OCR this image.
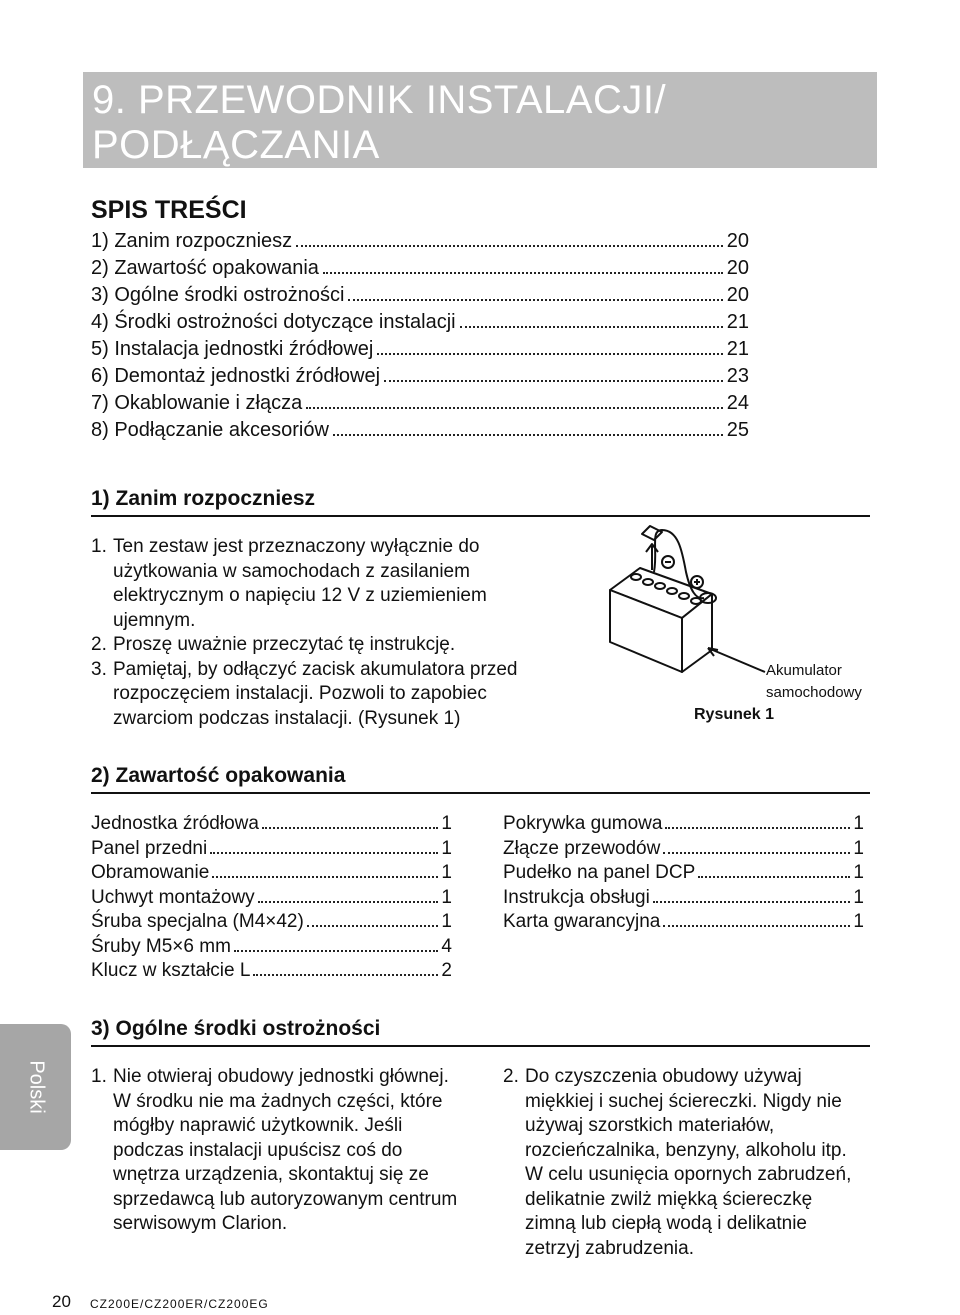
9. PRZEWODNIK INSTALACJI/ PODŁĄCZANIA
SPIS TREŚCI
1) Zanim rozpoczniesz	20
2) Zawartość opakowania	20
3) Ogólne środki ostrożności	20
4) Środki ostrożności dotyczące instalacji	21
5) Instalacja jednostki źródłowej	21
6) Demontaż jednostki źródłowej	23
7) Okablowanie i złącza	24
8) Podłączanie akcesoriów	25
1) Zanim rozpoczniesz
1. Ten zestaw jest przeznaczony wyłącznie do użytkowania w samochodach z zasilaniem elektrycznym o napięciu 12 V z uziemieniem ujemnym.
2. Proszę uważnie przeczytać tę instrukcję.
3. Pamiętaj, by odłączyć zacisk akumulatora przed rozpoczęciem instalacji. Pozwoli to zapobiec zwarciom podczas instalacji. (Rysunek 1)
Akumulator
samochodowy
Rysunek 1
2) Zawartość opakowania
Jednostka źródłowa	1
Panel przedni	1
Obramowanie	1
Uchwyt montażowy	1
Śruba specjalna (M4×42)	1
Śruby M5×6 mm	4
Klucz w kształcie L	2
Pokrywka gumowa	1
Złącze przewodów	1
Pudełko na panel DCP	1
Instrukcja obsługi	1
Karta gwarancyjna	1
Polski
3) Ogólne środki ostrożności
1. Nie otwieraj obudowy jednostki głównej. W środku nie ma żadnych części, które mógłby naprawić użytkownik. Jeśli podczas instalacji upuścisz coś do wnętrza urządzenia, skontaktuj się ze sprzedawcą lub autoryzowanym centrum serwisowym Clarion.
2. Do czyszczenia obudowy używaj miękkiej i suchej ściereczki. Nigdy nie używaj szorstkich materiałów, rozcieńczalnika, benzyny, alkoholu itp. W celu usunięcia opornych zabrudzeń, delikatnie zwilż miękką ściereczkę zimną lub ciepłą wodą i delikatnie zetrzyj zabrudzenia.
20 CZ200E/CZ200ER/CZ200EG
